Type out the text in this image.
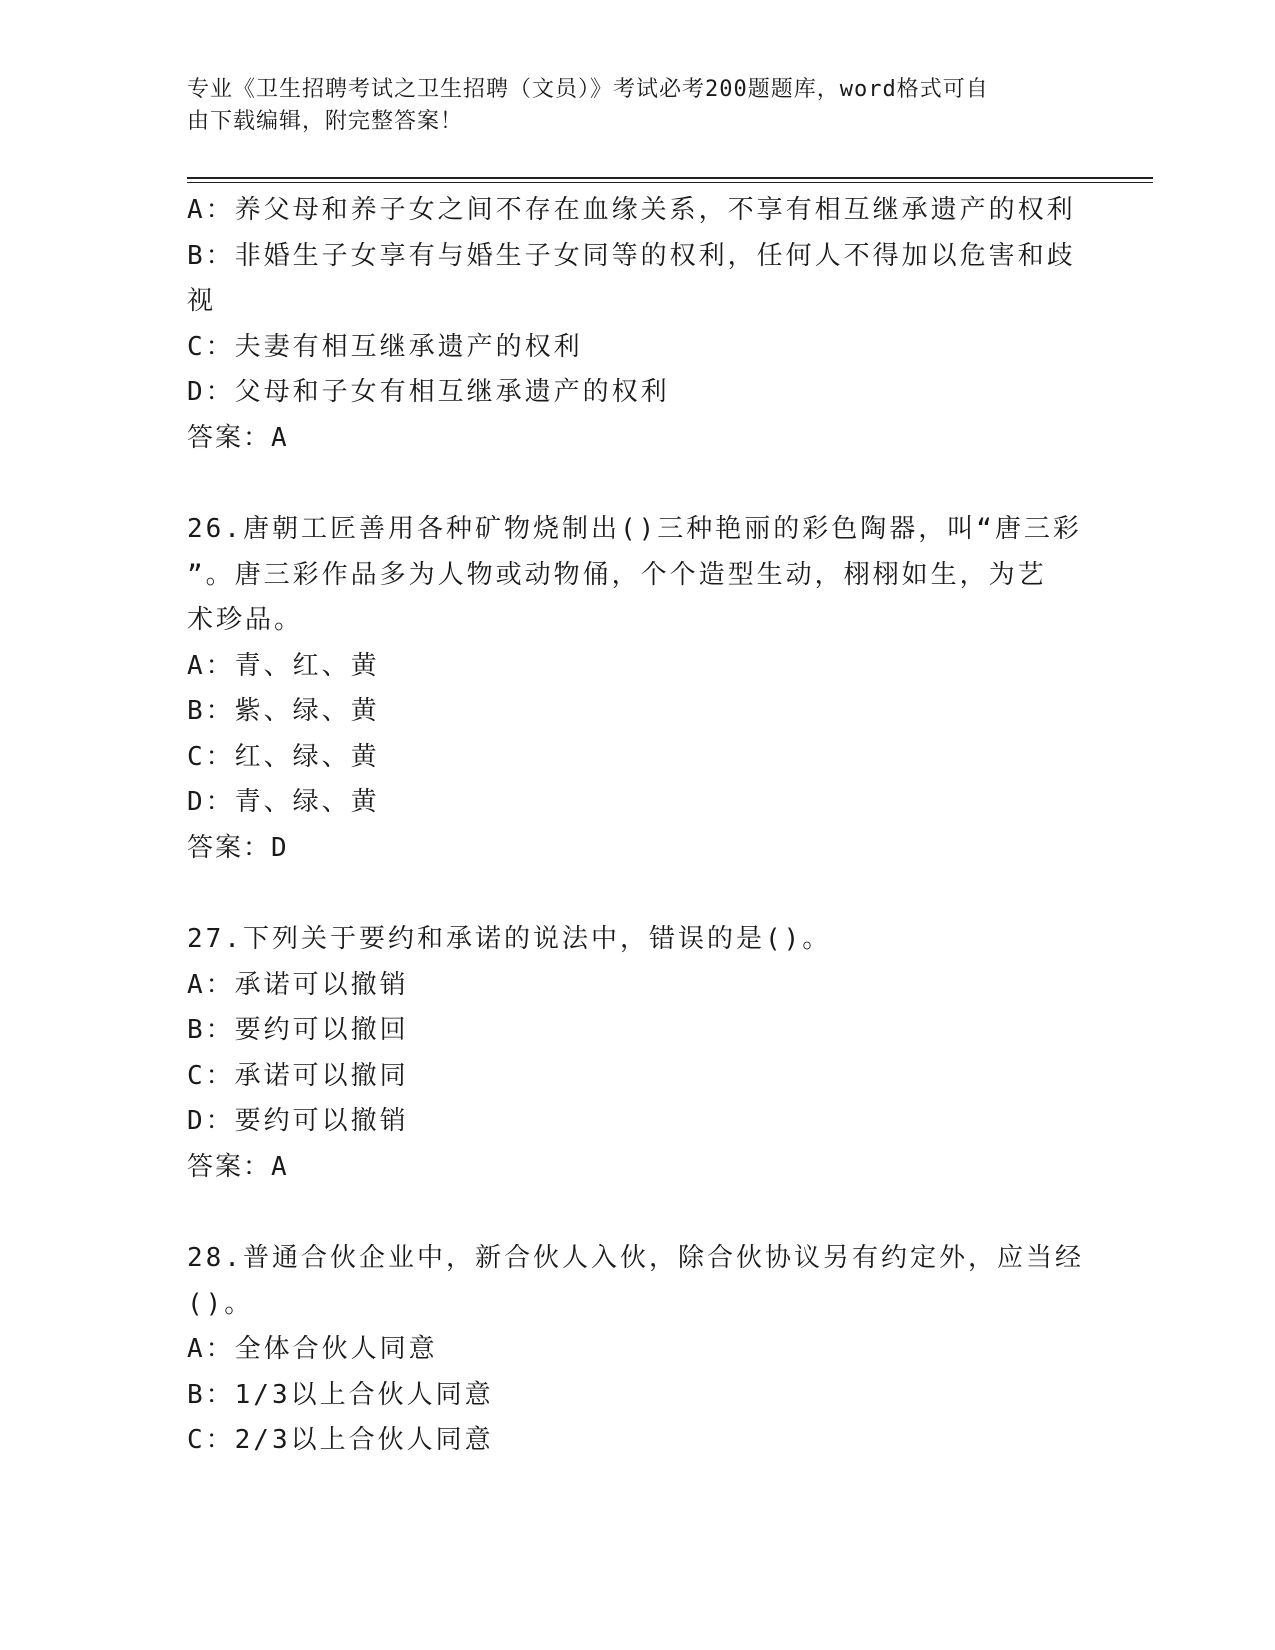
专业《卫生招聘考试之卫生招聘（文员）》考试必考200题题库，word格式可自
由下载编辑，附完整答案！
A：养父母和养子女之间不存在血缘关系，不享有相互继承遗产的权利
B：非婚生子女享有与婚生子女同等的权利，任何人不得加以危害和歧
视
C：夫妻有相互继承遗产的权利
D：父母和子女有相互继承遗产的权利
答案：A
26.唐朝工匠善用各种矿物烧制出()三种艳丽的彩色陶器，叫“唐三彩
”。唐三彩作品多为人物或动物俑，个个造型生动，栩栩如生，为艺
术珍品。
A：青、红、黄
B：紫、绿、黄
C：红、绿、黄
D：青、绿、黄
答案：D
27.下列关于要约和承诺的说法中，错误的是()。
A：承诺可以撤销
B：要约可以撤回
C：承诺可以撤同
D：要约可以撤销
答案：A
28.普通合伙企业中，新合伙人入伙，除合伙协议另有约定外，应当经
()。
A：全体合伙人同意
B：1/3以上合伙人同意
C：2/3以上合伙人同意
